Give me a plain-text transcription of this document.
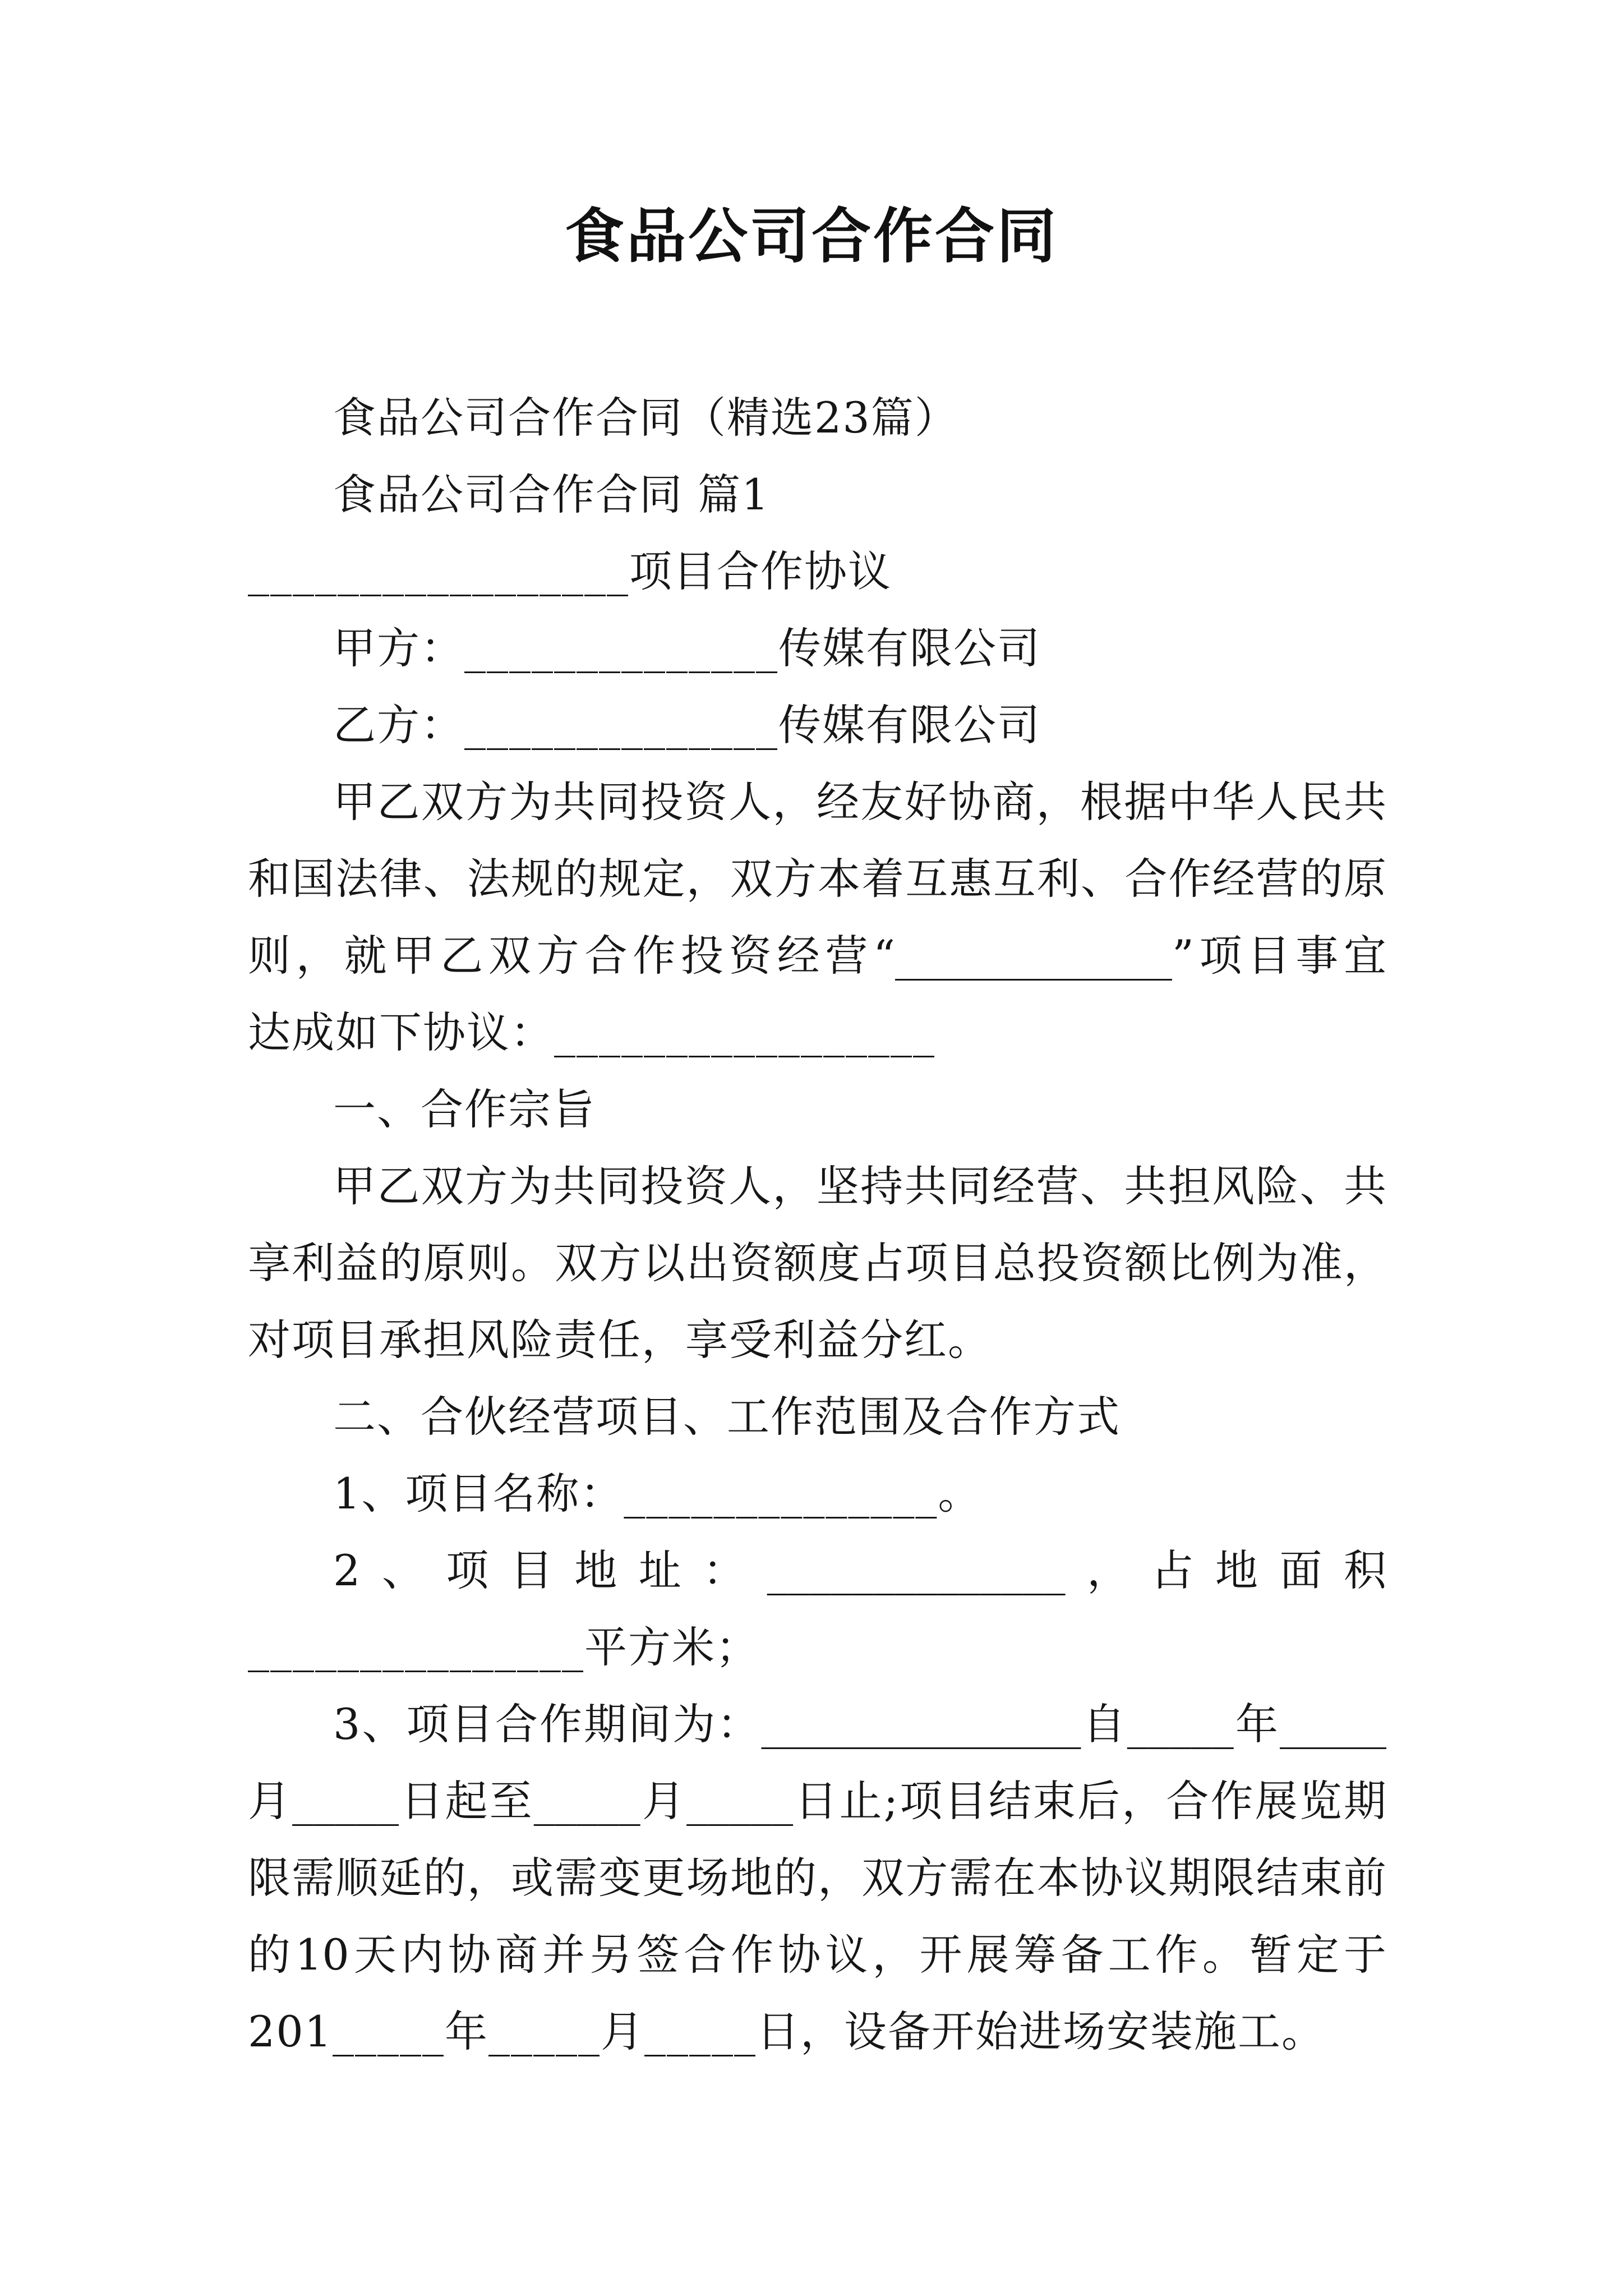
食品公司合作合同
食品公司合作合同（精选23篇）
食品公司合作合同 篇1
_________________项目合作协议
甲方：______________传媒有限公司
乙方：______________传媒有限公司
甲乙双方为共同投资人，经友好协商，根据中华人民共
和国法律、法规的规定，双方本着互惠互利、合作经营的原
则，就甲乙双方合作投资经营“_____________”项目事宜
达成如下协议：_________________
一、合作宗旨
甲乙双方为共同投资人，坚持共同经营、共担风险、共
享利益的原则。双方以出资额度占项目总投资额比例为准，
对项目承担风险责任，享受利益分红。
二、合伙经营项目、工作范围及合作方式
1、项目名称：______________。
2、项目地址：______________，占地面积
_______________平方米；
3、项目合作期间为：_______________自_____年_____
月_____日起至_____月_____日止;项目结束后，合作展览期
限需顺延的，或需变更场地的，双方需在本协议期限结束前
的10天内协商并另签合作协议，开展筹备工作。暂定于
201_____年_____月_____日，设备开始进场安装施工。
